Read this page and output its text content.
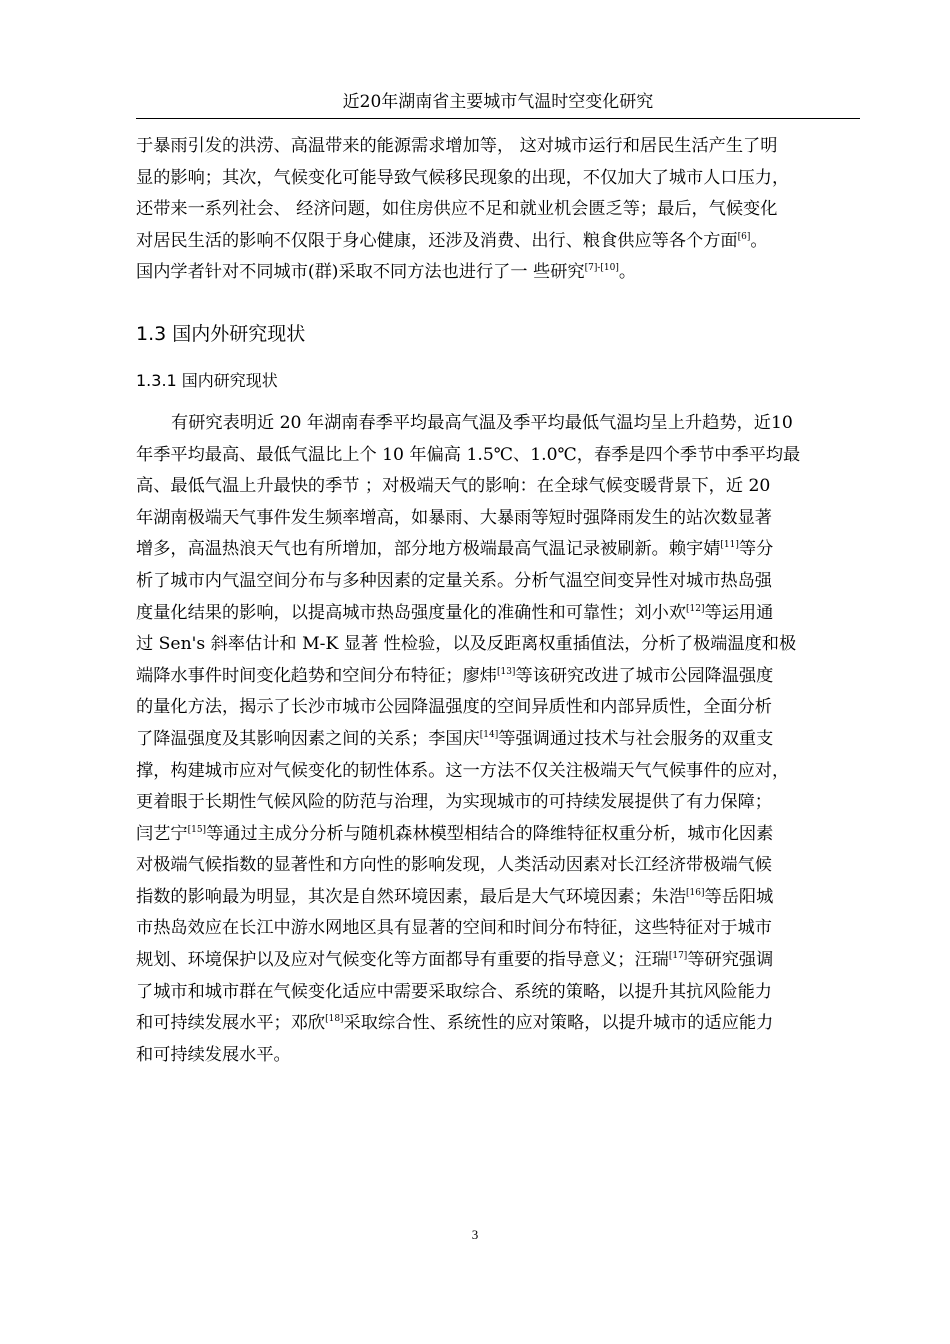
近20年湖南省主要城市气温时空变化研究

于暴雨引发的洪涝、高温带来的能源需求增加等， 这对城市运行和居民生活产生了明
显的影响；其次，气候变化可能导致气候移民现象的出现，不仅加大了城市人口压力，
还带来一系列社会、 经济问题，如住房供应不足和就业机会匮乏等；最后，气候变化
对居民生活的影响不仅限于身心健康，还涉及消费、出行、粮食供应等各个方面[6]。
国内学者针对不同城市(群)采取不同方法也进行了一 些研究[7]-[10]。

1.3 国内外研究现状
1.3.1 国内研究现状

有研究表明近 20 年湖南春季平均最高气温及季平均最低气温均呈上升趋势，近10
年季平均最高、最低气温比上个 10 年偏高 1.5℃、1.0℃，春季是四个季节中季平均最
高、最低气温上升最快的季节 ；对极端天气的影响：在全球气候变暖背景下，近 20
年湖南极端天气事件发生频率增高，如暴雨、大暴雨等短时强降雨发生的站次数显著
增多，高温热浪天气也有所增加，部分地方极端最高气温记录被刷新。赖宇婧[11]等分
析了城市内气温空间分布与多种因素的定量关系。分析气温空间变异性对城市热岛强
度量化结果的影响，以提高城市热岛强度量化的准确性和可靠性；刘小欢[12]等运用通
过 Sen's 斜率估计和 M-K 显著 性检验，以及反距离权重插值法，分析了极端温度和极
端降水事件时间变化趋势和空间分布特征；廖炜[13]等该研究改进了城市公园降温强度
的量化方法，揭示了长沙市城市公园降温强度的空间异质性和内部异质性，全面分析
了降温强度及其影响因素之间的关系；李国庆[14]等强调通过技术与社会服务的双重支
撑，构建城市应对气候变化的韧性体系。这一方法不仅关注极端天气气候事件的应对，
更着眼于长期性气候风险的防范与治理，为实现城市的可持续发展提供了有力保障；
闫艺宁[15]等通过主成分分析与随机森林模型相结合的降维特征权重分析，城市化因素
对极端气候指数的显著性和方向性的影响发现，人类活动因素对长江经济带极端气候
指数的影响最为明显，其次是自然环境因素，最后是大气环境因素；朱浩[16]等岳阳城
市热岛效应在长江中游水网地区具有显著的空间和时间分布特征，这些特征对于城市
规划、环境保护以及应对气候变化等方面都导有重要的指导意义；汪瑞[17]等研究强调
了城市和城市群在气候变化适应中需要采取综合、系统的策略，以提升其抗风险能力
和可持续发展水平；邓欣[18]采取综合性、系统性的应对策略，以提升城市的适应能力
和可持续发展水平。

3
